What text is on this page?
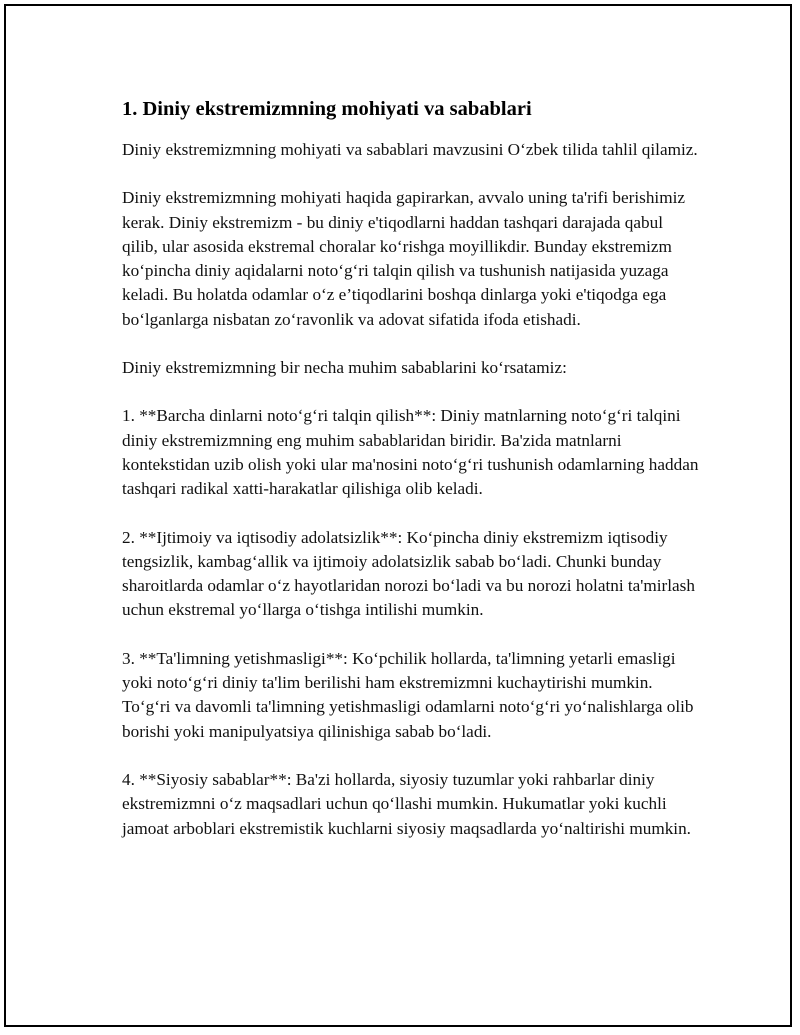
1. Diniy ekstremizmning mohiyati va sabablari

Diniy ekstremizmning mohiyati va sabablari mavzusini O‘zbek tilida tahlil qilamiz.

Diniy ekstremizmning mohiyati haqida gapirarkan, avvalo uning ta'rifi berishimiz kerak. Diniy ekstremizm - bu diniy e'tiqodlarni haddan tashqari darajada qabul qilib, ular asosida ekstremal choralar ko‘rishga moyillikdir. Bunday ekstremizm ko‘pincha diniy aqidalarni noto‘g‘ri talqin qilish va tushunish natijasida yuzaga keladi. Bu holatda odamlar o‘z e’tiqodlarini boshqa dinlarga yoki e'tiqodga ega bo‘lganlarga nisbatan zo‘ravonlik va adovat sifatida ifoda etishadi.

Diniy ekstremizmning bir necha muhim sabablarini ko‘rsatamiz:

1. **Barcha dinlarni noto‘g‘ri talqin qilish**: Diniy matnlarning noto‘g‘ri talqini diniy ekstremizmning eng muhim sabablaridan biridir. Ba'zida matnlarni kontekstidan uzib olish yoki ular ma'nosini noto‘g‘ri tushunish odamlarning haddan tashqari radikal xatti-harakatlar qilishiga olib keladi.

2. **Ijtimoiy va iqtisodiy adolatsizlik**: Ko‘pincha diniy ekstremizm iqtisodiy tengsizlik, kambag‘allik va ijtimoiy adolatsizlik sabab bo‘ladi. Chunki bunday sharoitlarda odamlar o‘z hayotlaridan norozi bo‘ladi va bu norozi holatni ta'mirlash uchun ekstremal yo‘llarga o‘tishga intilishi mumkin.

3. **Ta'limning yetishmasligi**: Ko‘pchilik hollarda, ta'limning yetarli emasligi yoki noto‘g‘ri diniy ta'lim berilishi ham ekstremizmni kuchaytirishi mumkin. To‘g‘ri va davomli ta'limning yetishmasligi odamlarni noto‘g‘ri yo‘nalishlarga olib borishi yoki manipulyatsiya qilinishiga sabab bo‘ladi.

4. **Siyosiy sabablar**: Ba'zi hollarda, siyosiy tuzumlar yoki rahbarlar diniy ekstremizmni o‘z maqsadlari uchun qo‘llashi mumkin. Hukumatlar yoki kuchli jamoat arboblari ekstremistik kuchlarni siyosiy maqsadlarda yo‘naltirishi mumkin.
